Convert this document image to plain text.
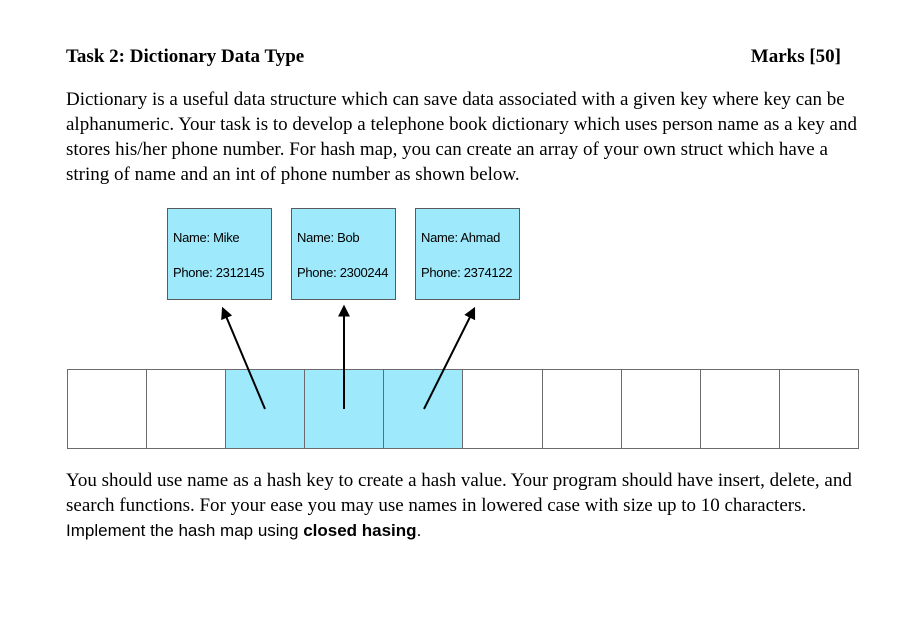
Task 2: Dictionary Data Type	Marks [50]
Dictionary is a useful data structure which can save data associated with a given key where key can be alphanumeric. Your task is to develop a telephone book dictionary which uses person name as a key and stores his/her phone number. For hash map, you can create an array of your own struct which have a string of name and an int of phone number as shown below.
Name: Mike
Phone: 2312145
Name: Bob
Phone: 2300244
Name: Ahmad
Phone: 2374122
You should use name as a hash key to create a hash value. Your program should have insert, delete, and search functions. For your ease you may use names in lowered case with size up to 10 characters. Implement the hash map using closed hasing.
